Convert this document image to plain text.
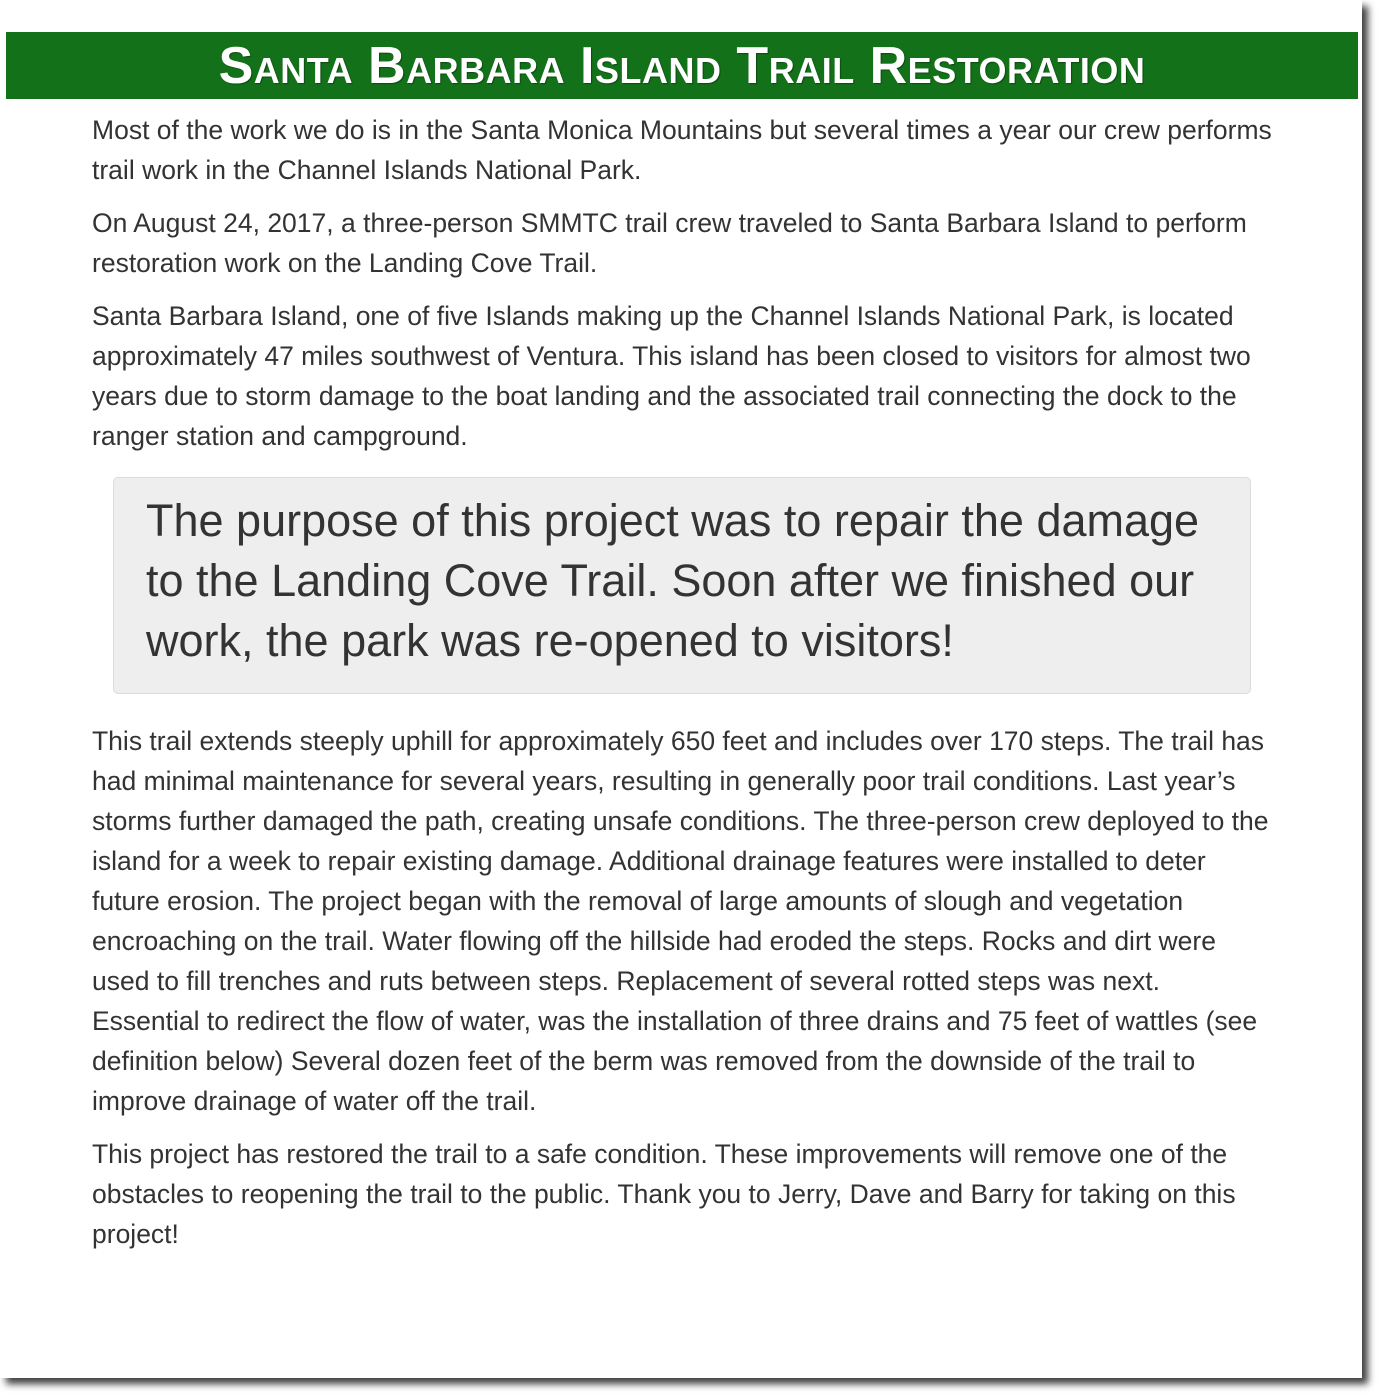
Santa Barbara Island Trail Restoration

Most of the work we do is in the Santa Monica Mountains but several times a year our crew performs trail work in the Channel Islands National Park.

On August 24, 2017, a three-person SMMTC trail crew traveled to Santa Barbara Island to perform restoration work on the Landing Cove Trail.

Santa Barbara Island, one of five Islands making up the Channel Islands National Park, is located approximately 47 miles southwest of Ventura. This island has been closed to visitors for almost two years due to storm damage to the boat landing and the associated trail connecting the dock to the ranger station and campground.

The purpose of this project was to repair the damage to the Landing Cove Trail. Soon after we finished our work, the park was re-opened to visitors!

This trail extends steeply uphill for approximately 650 feet and includes over 170 steps. The trail has had minimal maintenance for several years, resulting in generally poor trail conditions. Last year’s storms further damaged the path, creating unsafe conditions. The three-person crew deployed to the island for a week to repair existing damage. Additional drainage features were installed to deter future erosion. The project began with the removal of large amounts of slough and vegetation encroaching on the trail. Water flowing off the hillside had eroded the steps. Rocks and dirt were used to fill trenches and ruts between steps. Replacement of several rotted steps was next. Essential to redirect the flow of water, was the installation of three drains and 75 feet of wattles (see definition below) Several dozen feet of the berm was removed from the downside of the trail to improve drainage of water off the trail.

This project has restored the trail to a safe condition. These improvements will remove one of the obstacles to reopening the trail to the public. Thank you to Jerry, Dave and Barry for taking on this project!
